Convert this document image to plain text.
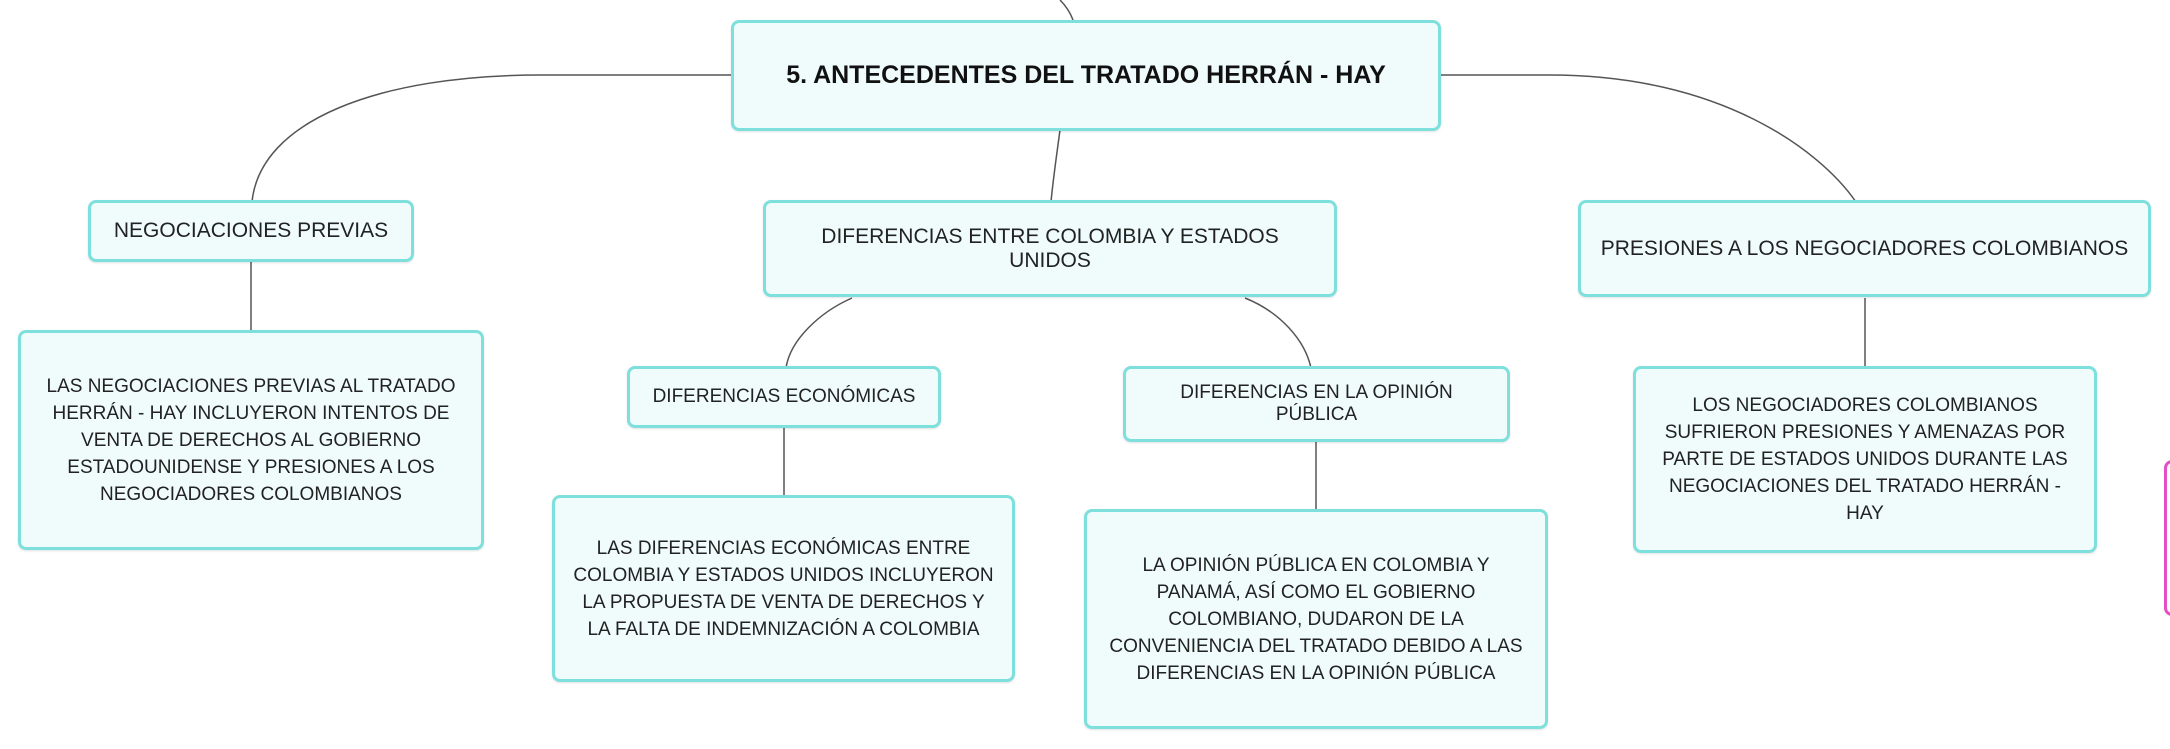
5. ANTECEDENTES DEL TRATADO HERRÁN - HAY
NEGOCIACIONES PREVIAS	DIFERENCIAS ENTRE COLOMBIA Y ESTADOS UNIDOS
PRESIONES A LOS NEGOCIADORES COLOMBIANOS
LAS NEGOCIACIONES PREVIAS AL TRATADO HERRÁN - HAY INCLUYERON INTENTOS DE VENTA DE DERECHOS AL GOBIERNO ESTADOUNIDENSE Y PRESIONES A LOS NEGOCIADORES COLOMBIANOS
DIFERENCIAS ECONÓMICAS	DIFERENCIAS EN LA OPINIÓN PÚBLICA
LAS DIFERENCIAS ECONÓMICAS ENTRE COLOMBIA Y ESTADOS UNIDOS INCLUYERON LA PROPUESTA DE VENTA DE DERECHOS Y LA FALTA DE INDEMNIZACIÓN A COLOMBIA
LA OPINIÓN PÚBLICA EN COLOMBIA Y PANAMÁ, ASÍ COMO EL GOBIERNO COLOMBIANO, DUDARON DE LA CONVENIENCIA DEL TRATADO DEBIDO A LAS DIFERENCIAS EN LA OPINIÓN PÚBLICA
LOS NEGOCIADORES COLOMBIANOS SUFRIERON PRESIONES Y AMENAZAS POR PARTE DE ESTADOS UNIDOS DURANTE LAS NEGOCIACIONES DEL TRATADO HERRÁN - HAY
